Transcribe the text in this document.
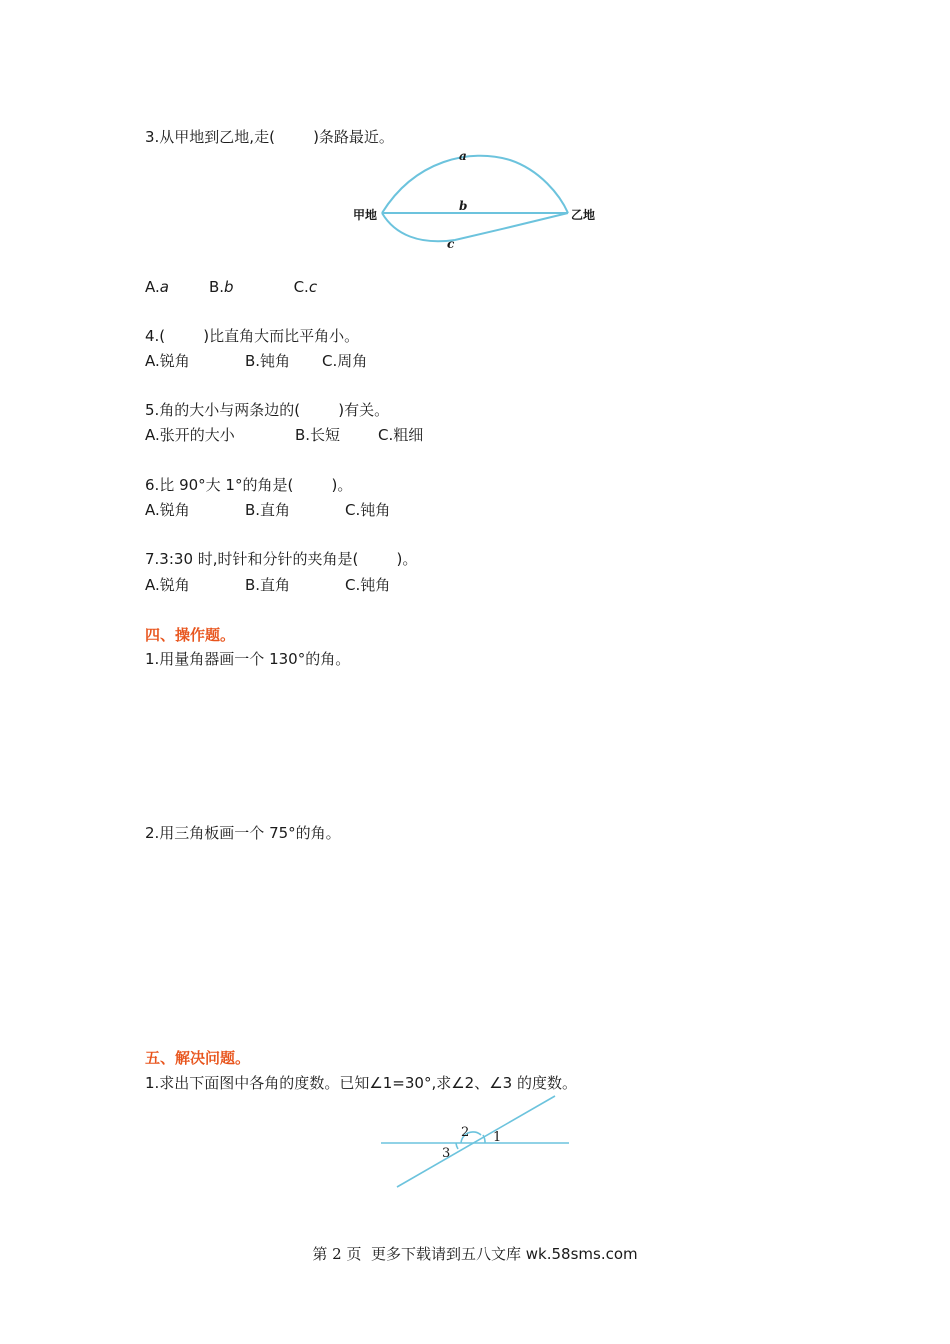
3.从甲地到乙地,走(        )条路最近。
甲地	乙地
a
b
c
A.a	B.b	C.c
4.(        )比直角大而比平角小。
A.锐角	B.钝角 C.周角
5.角的大小与两条边的(        )有关。
A.张开的大小	B.长短	C.粗细
6.比 90°大 1°的角是(        )。
A.锐角	B.直角	C.钝角
7.3:30 时,时针和分针的夹角是(        )。
A.锐角	B.直角	C.钝角
四、操作题。
1.用量角器画一个 130°的角。
2.用三角板画一个 75°的角。
五、解决问题。
1.求出下面图中各角的度数。已知∠1=30°,求∠2、∠3 的度数。
1
2
3
第 2 页  更多下载请到五八文库 wk.58sms.com
